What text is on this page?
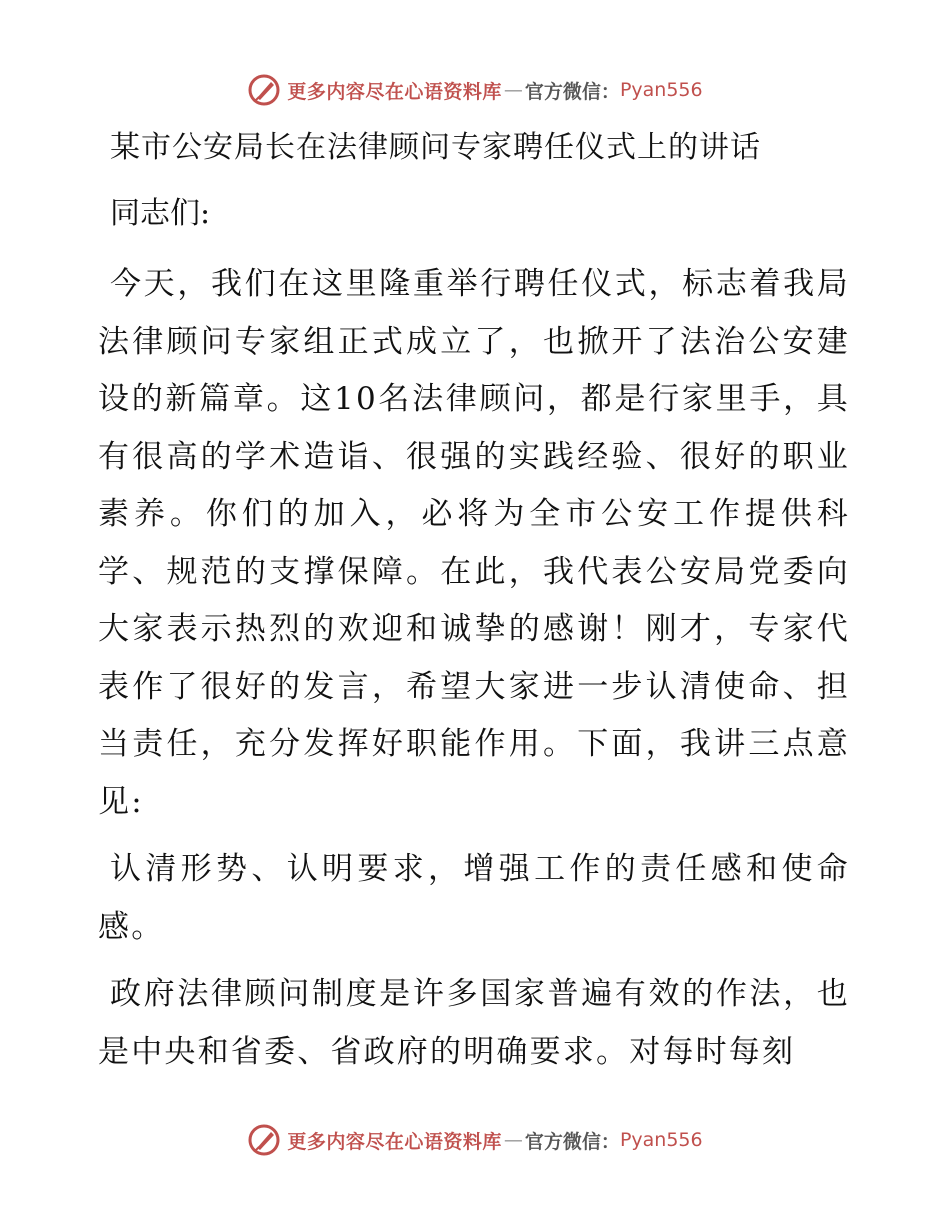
更多内容尽在心语资料库 — 官方微信： Pyan556
某市公安局长在法律顾问专家聘任仪式上的讲话
同志们:

今天，我们在这里隆重举行聘任仪式，标志着我局法律顾问专家组正式成立了，也掀开了法治公安建设的新篇章。这10名法律顾问，都是行家里手，具有很高的学术造诣、很强的实践经验、很好的职业素养。你们的加入，必将为全市公安工作提供科学、规范的支撑保障。在此，我代表公安局党委向大家表示热烈的欢迎和诚挚的感谢！刚才，专家代表作了很好的发言，希望大家进一步认清使命、担当责任，充分发挥好职能作用。下面，我讲三点意见:

认清形势、认明要求，增强工作的责任感和使命感。

政府法律顾问制度是许多国家普遍有效的作法，也是中央和省委、省政府的明确要求。对每时每刻

更多内容尽在心语资料库 — 官方微信： Pyan556
